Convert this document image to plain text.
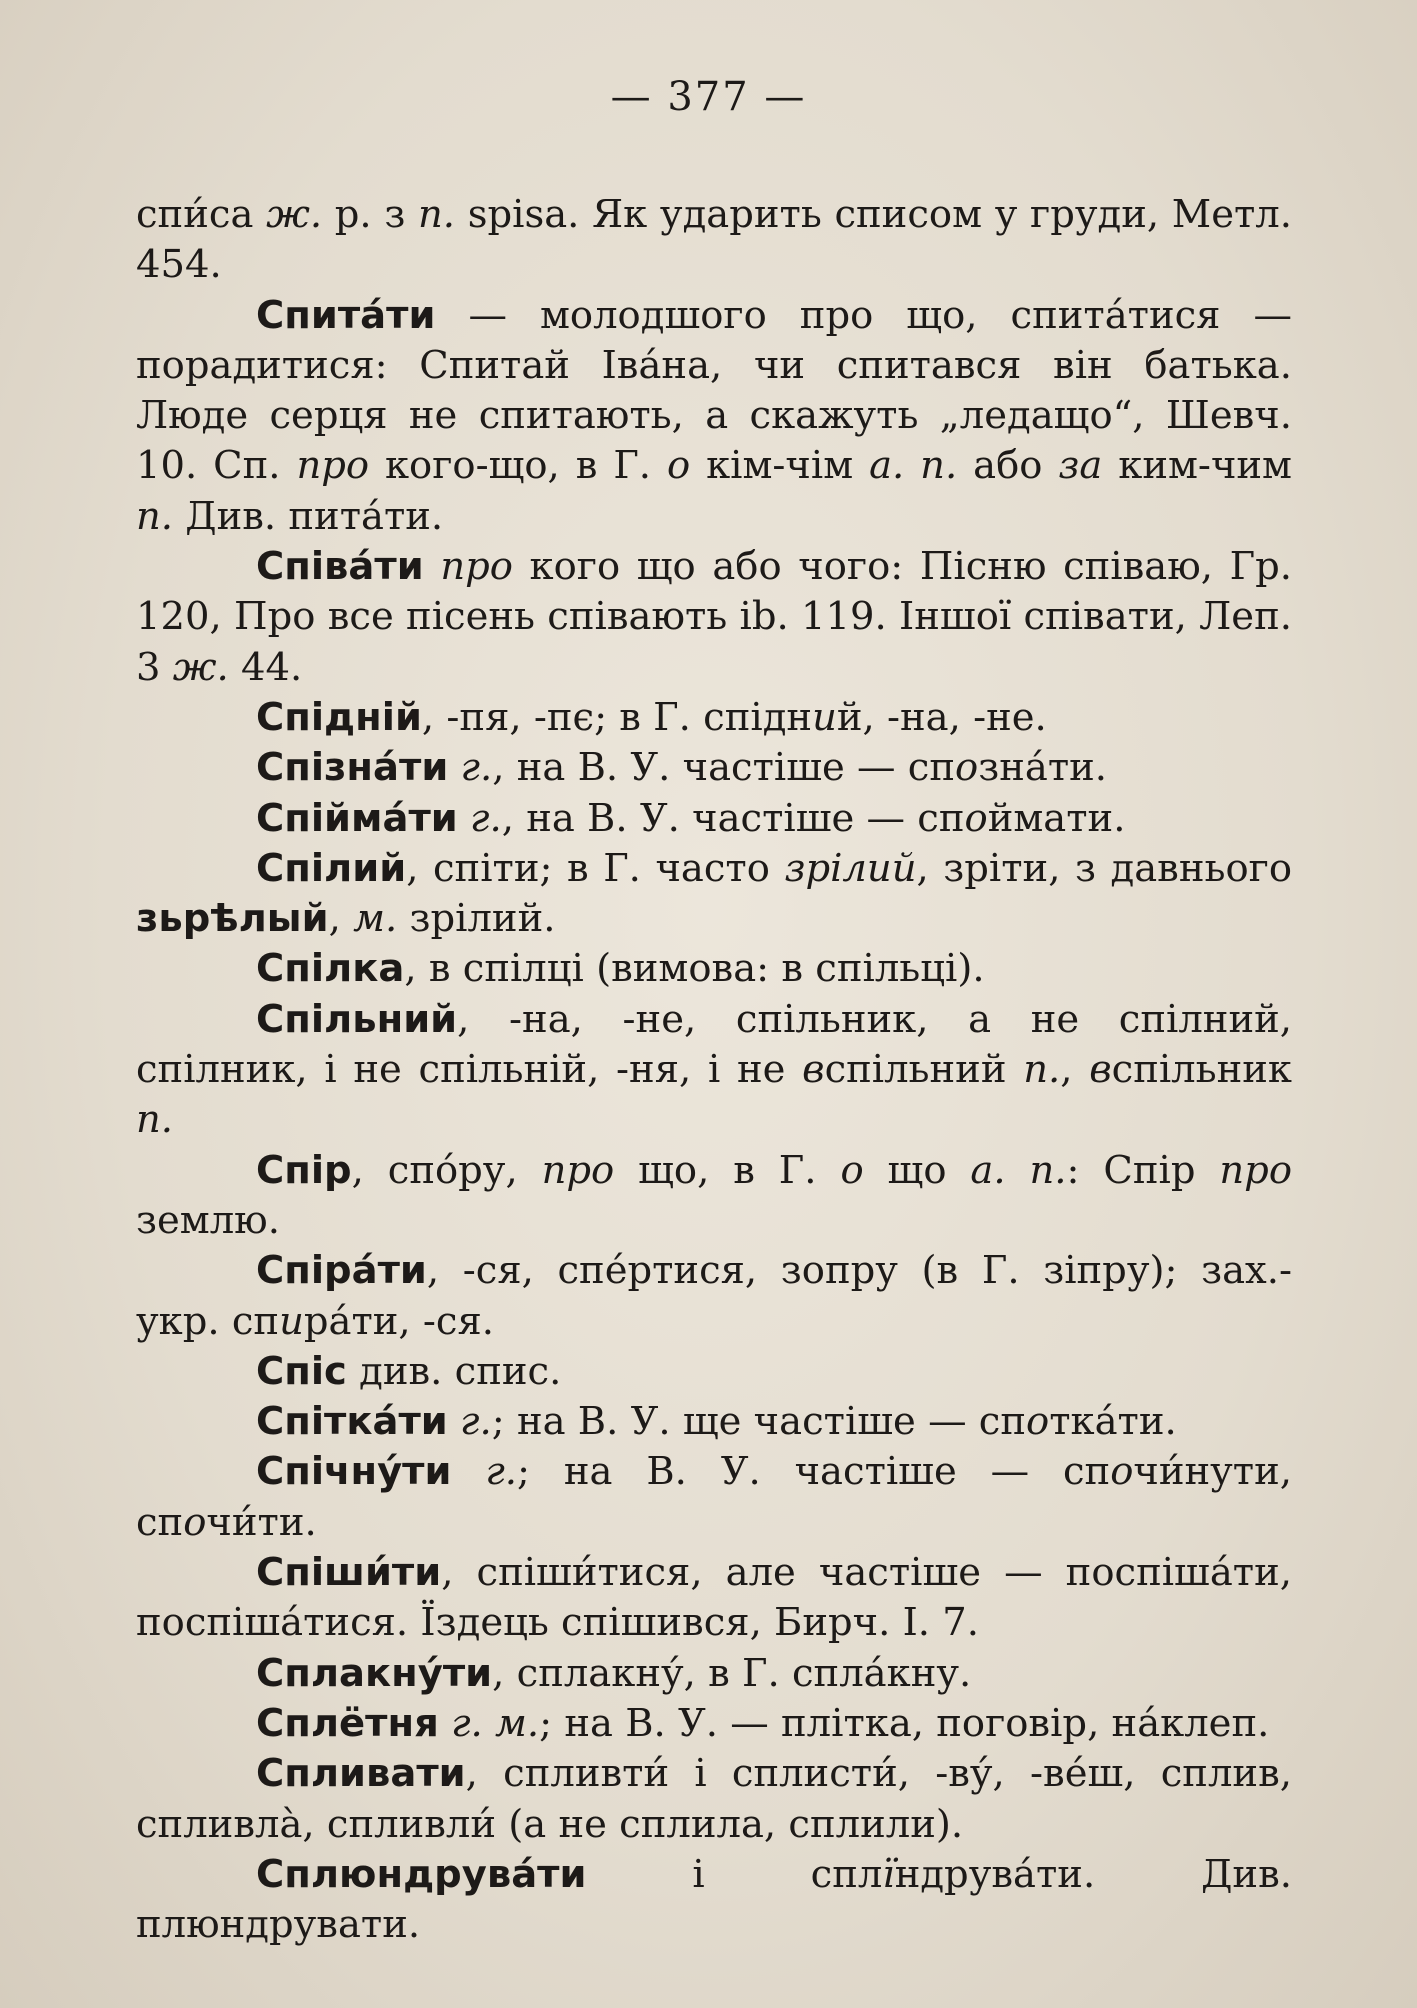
— 377 —

спи́са ж. р. з п. spisa. Як ударить списом у груди, Метл. 454.

Спита́ти — молодшого про що, спита́тися — порадитися: Спитай Іва́на, чи спитався він батька. Люде серця не спитають, а скажуть „ледащо“, Шевч. 10. Сп. про кого-що, в Г. о кім-чім а. п. або за ким-чим п. Див. пита́ти.

Співа́ти про кого що або чого: Пісню співаю, Гр. 120, Про все пісень співають ib. 119. Іншої співати, Леп. 3 ж. 44.

Спідній, -пя, -пє; в Г. спідний, -на, -не.

Спізна́ти г., на В. У. частіше — спозна́ти.

Спійма́ти г., на В. У. частіше — споймати.

Спілий, спіти; в Г. часто зрілий, зріти, з давнього зьрѣлый, м. зрілий.

Спілка, в спілці (вимова: в спільці).

Спільний, -на, -не, спільник, а не спілний, спілник, і не спільній, -ня, і не вспільний п., вспільник п.

Спір, спо́ру, про що, в Г. о що а. п.: Спір про землю.

Спіра́ти, -ся, спе́ртися, зопру (в Г. зіпру); зах.-укр. спира́ти, -ся.

Спіс див. спис.

Спітка́ти г.; на В. У. ще частіше — спотка́ти.

Спічну́ти г.; на В. У. частіше — спочи́нути, спочи́ти.

Спіши́ти, спіши́тися, але частіше — поспіша́ти, поспіша́тися. Їздець спішився, Бирч. І. 7.

Сплакну́ти, сплакну́, в Г. спла́кну.

Сплётня г. м.; на В. У. — плітка, поговір, на́клеп.

Спливати, спливти́ і сплисти́, -ву́, -ве́ш, сплив, спливла̀, спливли́ (а не сплила, сплили).

Сплюндрува́ти і сплїндрува́ти. Див. плюндрувати.
